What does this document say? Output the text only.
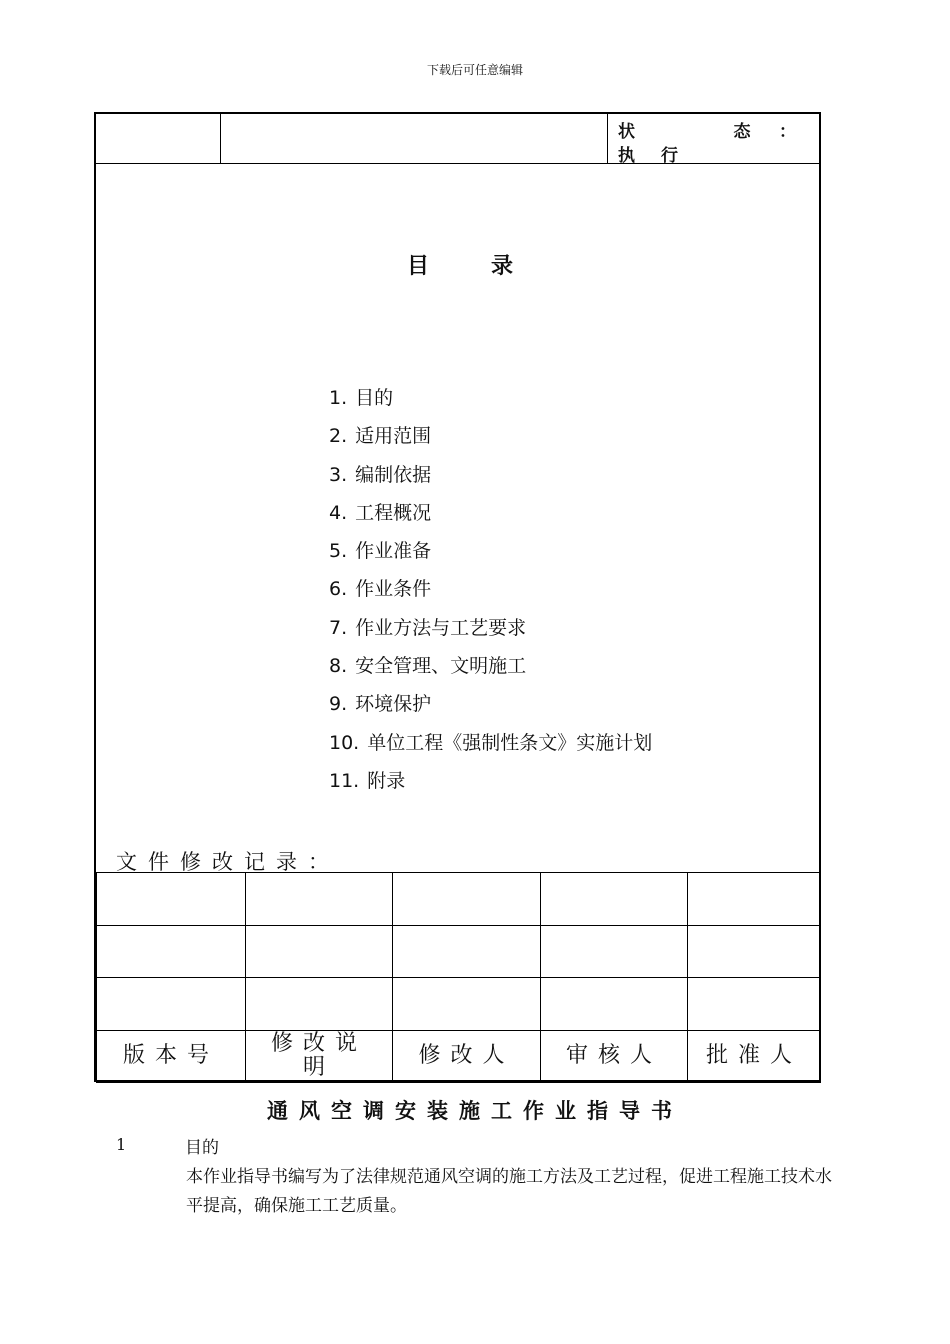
下载后可任意编辑
状	态 ：
执行
目录
1. 目的
2. 适用范围
3. 编制依据
4. 工程概况
5. 作业准备
6. 作业条件
7. 作业方法与工艺要求
8. 安全管理、文明施工
9. 环境保护
10. 单位工程《强制性条文》实施计划
11. 附录
文件修改记录：

版本号	修改说明	修改人	审核人	批准人
通风空调安装施工作业指导书
1	目的
本作业指导书编写为了法律规范通风空调的施工方法及工艺过程，促进工程施工技术水平提高，确保施工工艺质量。
